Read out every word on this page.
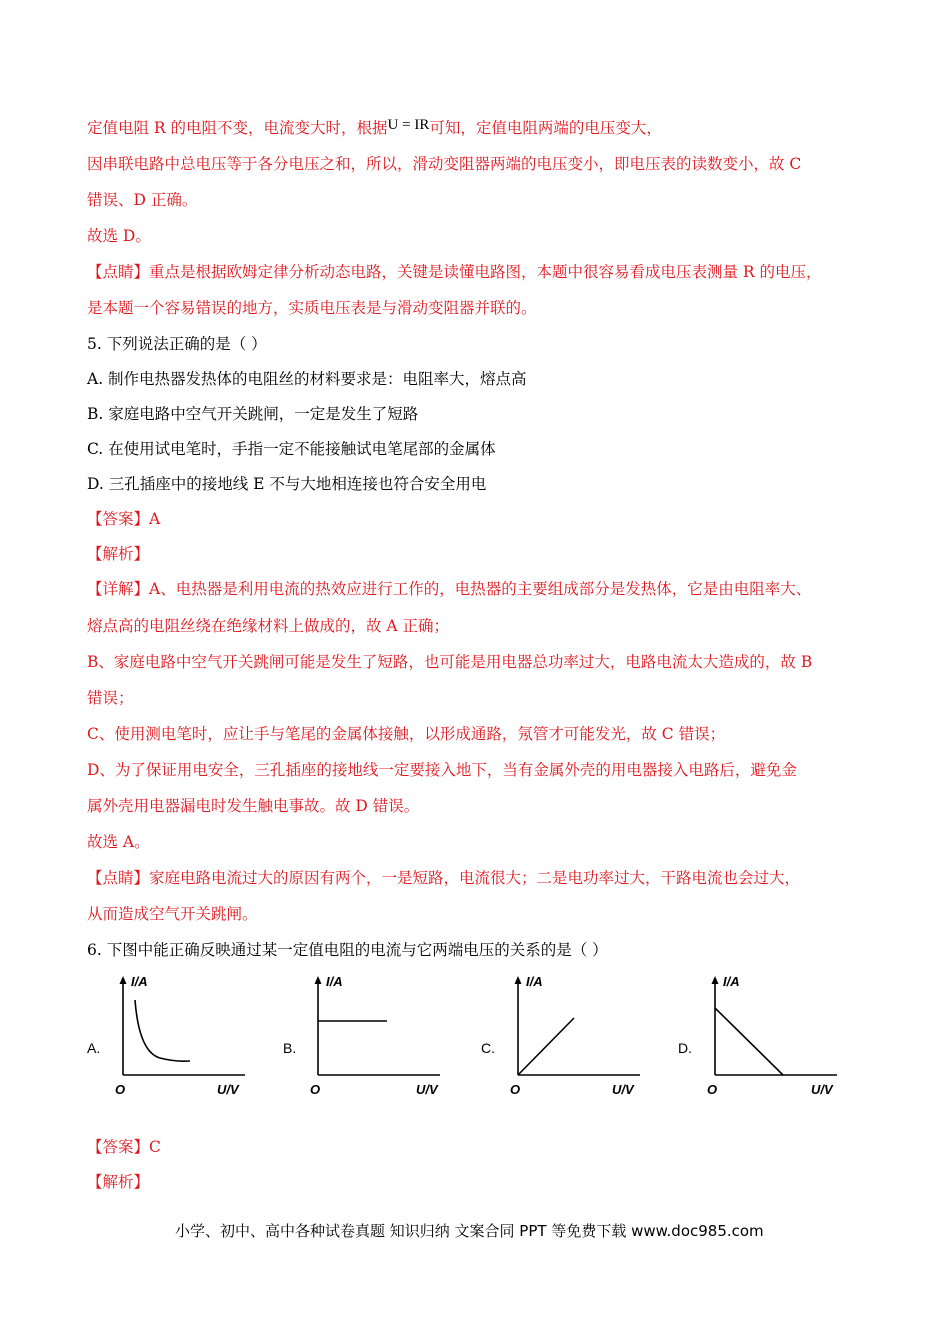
定值电阻 R 的电阻不变，电流变大时，根据U = IR可知，定值电阻两端的电压变大，
因串联电路中总电压等于各分电压之和，所以，滑动变阻器两端的电压变小，即电压表的读数变小，故 C
错误、D 正确。
故选 D。
【点睛】重点是根据欧姆定律分析动态电路，关键是读懂电路图，本题中很容易看成电压表测量 R 的电压，
是本题一个容易错误的地方，实质电压表是与滑动变阻器并联的。
5. 下列说法正确的是（ ）
A. 制作电热器发热体的电阻丝的材料要求是：电阻率大，熔点高
B. 家庭电路中空气开关跳闸，一定是发生了短路
C. 在使用试电笔时，手指一定不能接触试电笔尾部的金属体
D. 三孔插座中的接地线 E 不与大地相连接也符合安全用电
【答案】A
【解析】
【详解】A、电热器是利用电流的热效应进行工作的，电热器的主要组成部分是发热体，它是由电阻率大、
熔点高的电阻丝绕在绝缘材料上做成的，故 A 正确；
B、家庭电路中空气开关跳闸可能是发生了短路，也可能是用电器总功率过大，电路电流太大造成的，故 B
错误；
C、使用测电笔时，应让手与笔尾的金属体接触，以形成通路，氖管才可能发光，故 C 错误；
D、为了保证用电安全，三孔插座的接地线一定要接入地下，当有金属外壳的用电器接入电路后，避免金
属外壳用电器漏电时发生触电事故。故 D 错误。
故选 A。
【点睛】家庭电路电流过大的原因有两个，一是短路，电流很大；二是电功率过大，干路电流也会过大，
从而造成空气开关跳闸。
6. 下图中能正确反映通过某一定值电阻的电流与它两端电压的关系的是（ ）
A.
I/A
O	U/V
B.
I/A
O	U/V
C.
I/A
O	U/V
D.
I/A
O	U/V
【答案】C
【解析】
小学、初中、高中各种试卷真题 知识归纳 文案合同 PPT 等免费下载 www.doc985.com
